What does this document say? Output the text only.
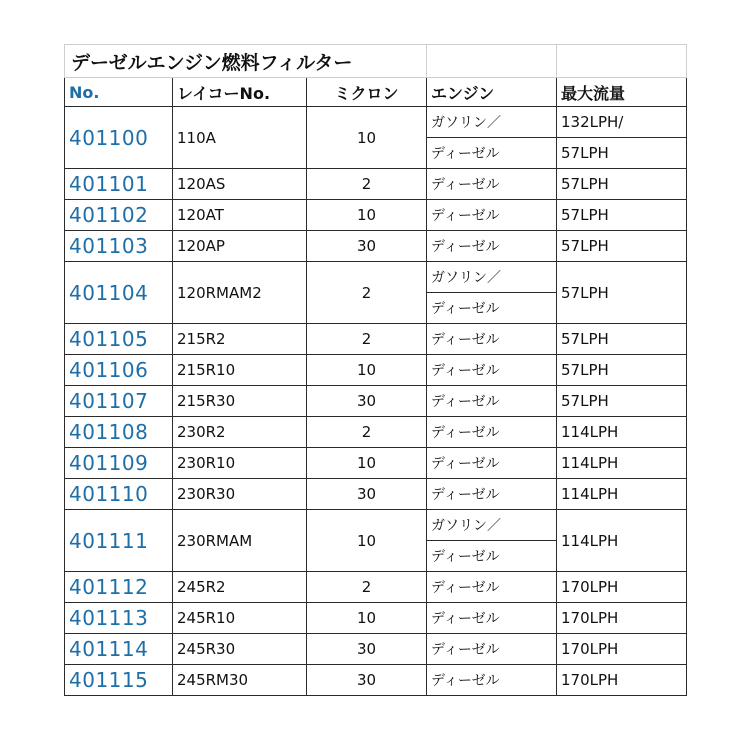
デーゼルエンジン燃料フィルター				
No.	レイコーNo.	ミクロン	エンジン	最大流量
401100	110A	10	ガソリン／	132LPH/
			ディーゼル	57LPH
401101	120AS	2	ディーゼル	57LPH
401102	120AT	10	ディーゼル	57LPH
401103	120AP	30	ディーゼル	57LPH
401104	120RMAM2	2	ガソリン／	57LPH
			ディーゼル	
401105	215R2	2	ディーゼル	57LPH
401106	215R10	10	ディーゼル	57LPH
401107	215R30	30	ディーゼル	57LPH
401108	230R2	2	ディーゼル	114LPH
401109	230R10	10	ディーゼル	114LPH
401110	230R30	30	ディーゼル	114LPH
401111	230RMAM	10	ガソリン／	114LPH
			ディーゼル	
401112	245R2	2	ディーゼル	170LPH
401113	245R10	10	ディーゼル	170LPH
401114	245R30	30	ディーゼル	170LPH
401115	245RM30	30	ディーゼル	170LPH
